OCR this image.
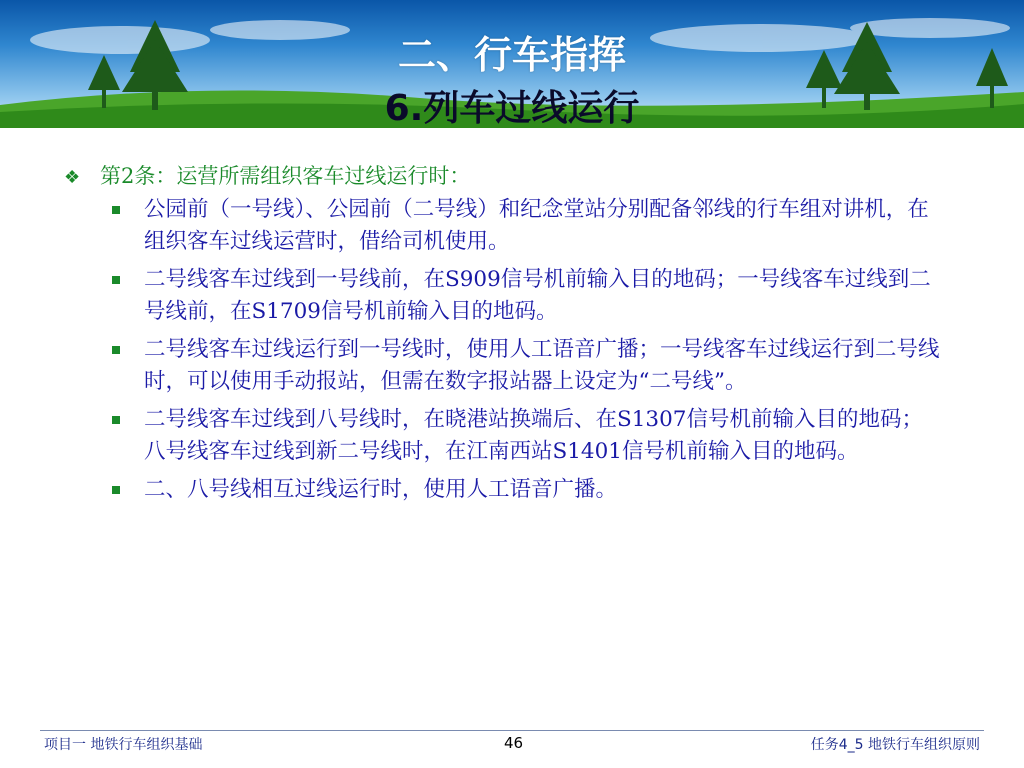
二、行车指挥
6.列车过线运行
❖ 第2条：运营所需组织客车过线运行时：
公园前（一号线）、公园前（二号线）和纪念堂站分别配备邻线的行车组对讲机，在组织客车过线运营时，借给司机使用。
二号线客车过线到一号线前，在S909信号机前输入目的地码；一号线客车过线到二号线前，在S1709信号机前输入目的地码。
二号线客车过线运行到一号线时，使用人工语音广播；一号线客车过线运行到二号线时，可以使用手动报站，但需在数字报站器上设定为“二号线”。
二号线客车过线到八号线时，在晓港站换端后、在S1307信号机前输入目的地码；八号线客车过线到新二号线时，在江南西站S1401信号机前输入目的地码。
二、八号线相互过线运行时，使用人工语音广播。
项目一 地铁行车组织基础	46	任务4_5 地铁行车组织原则
